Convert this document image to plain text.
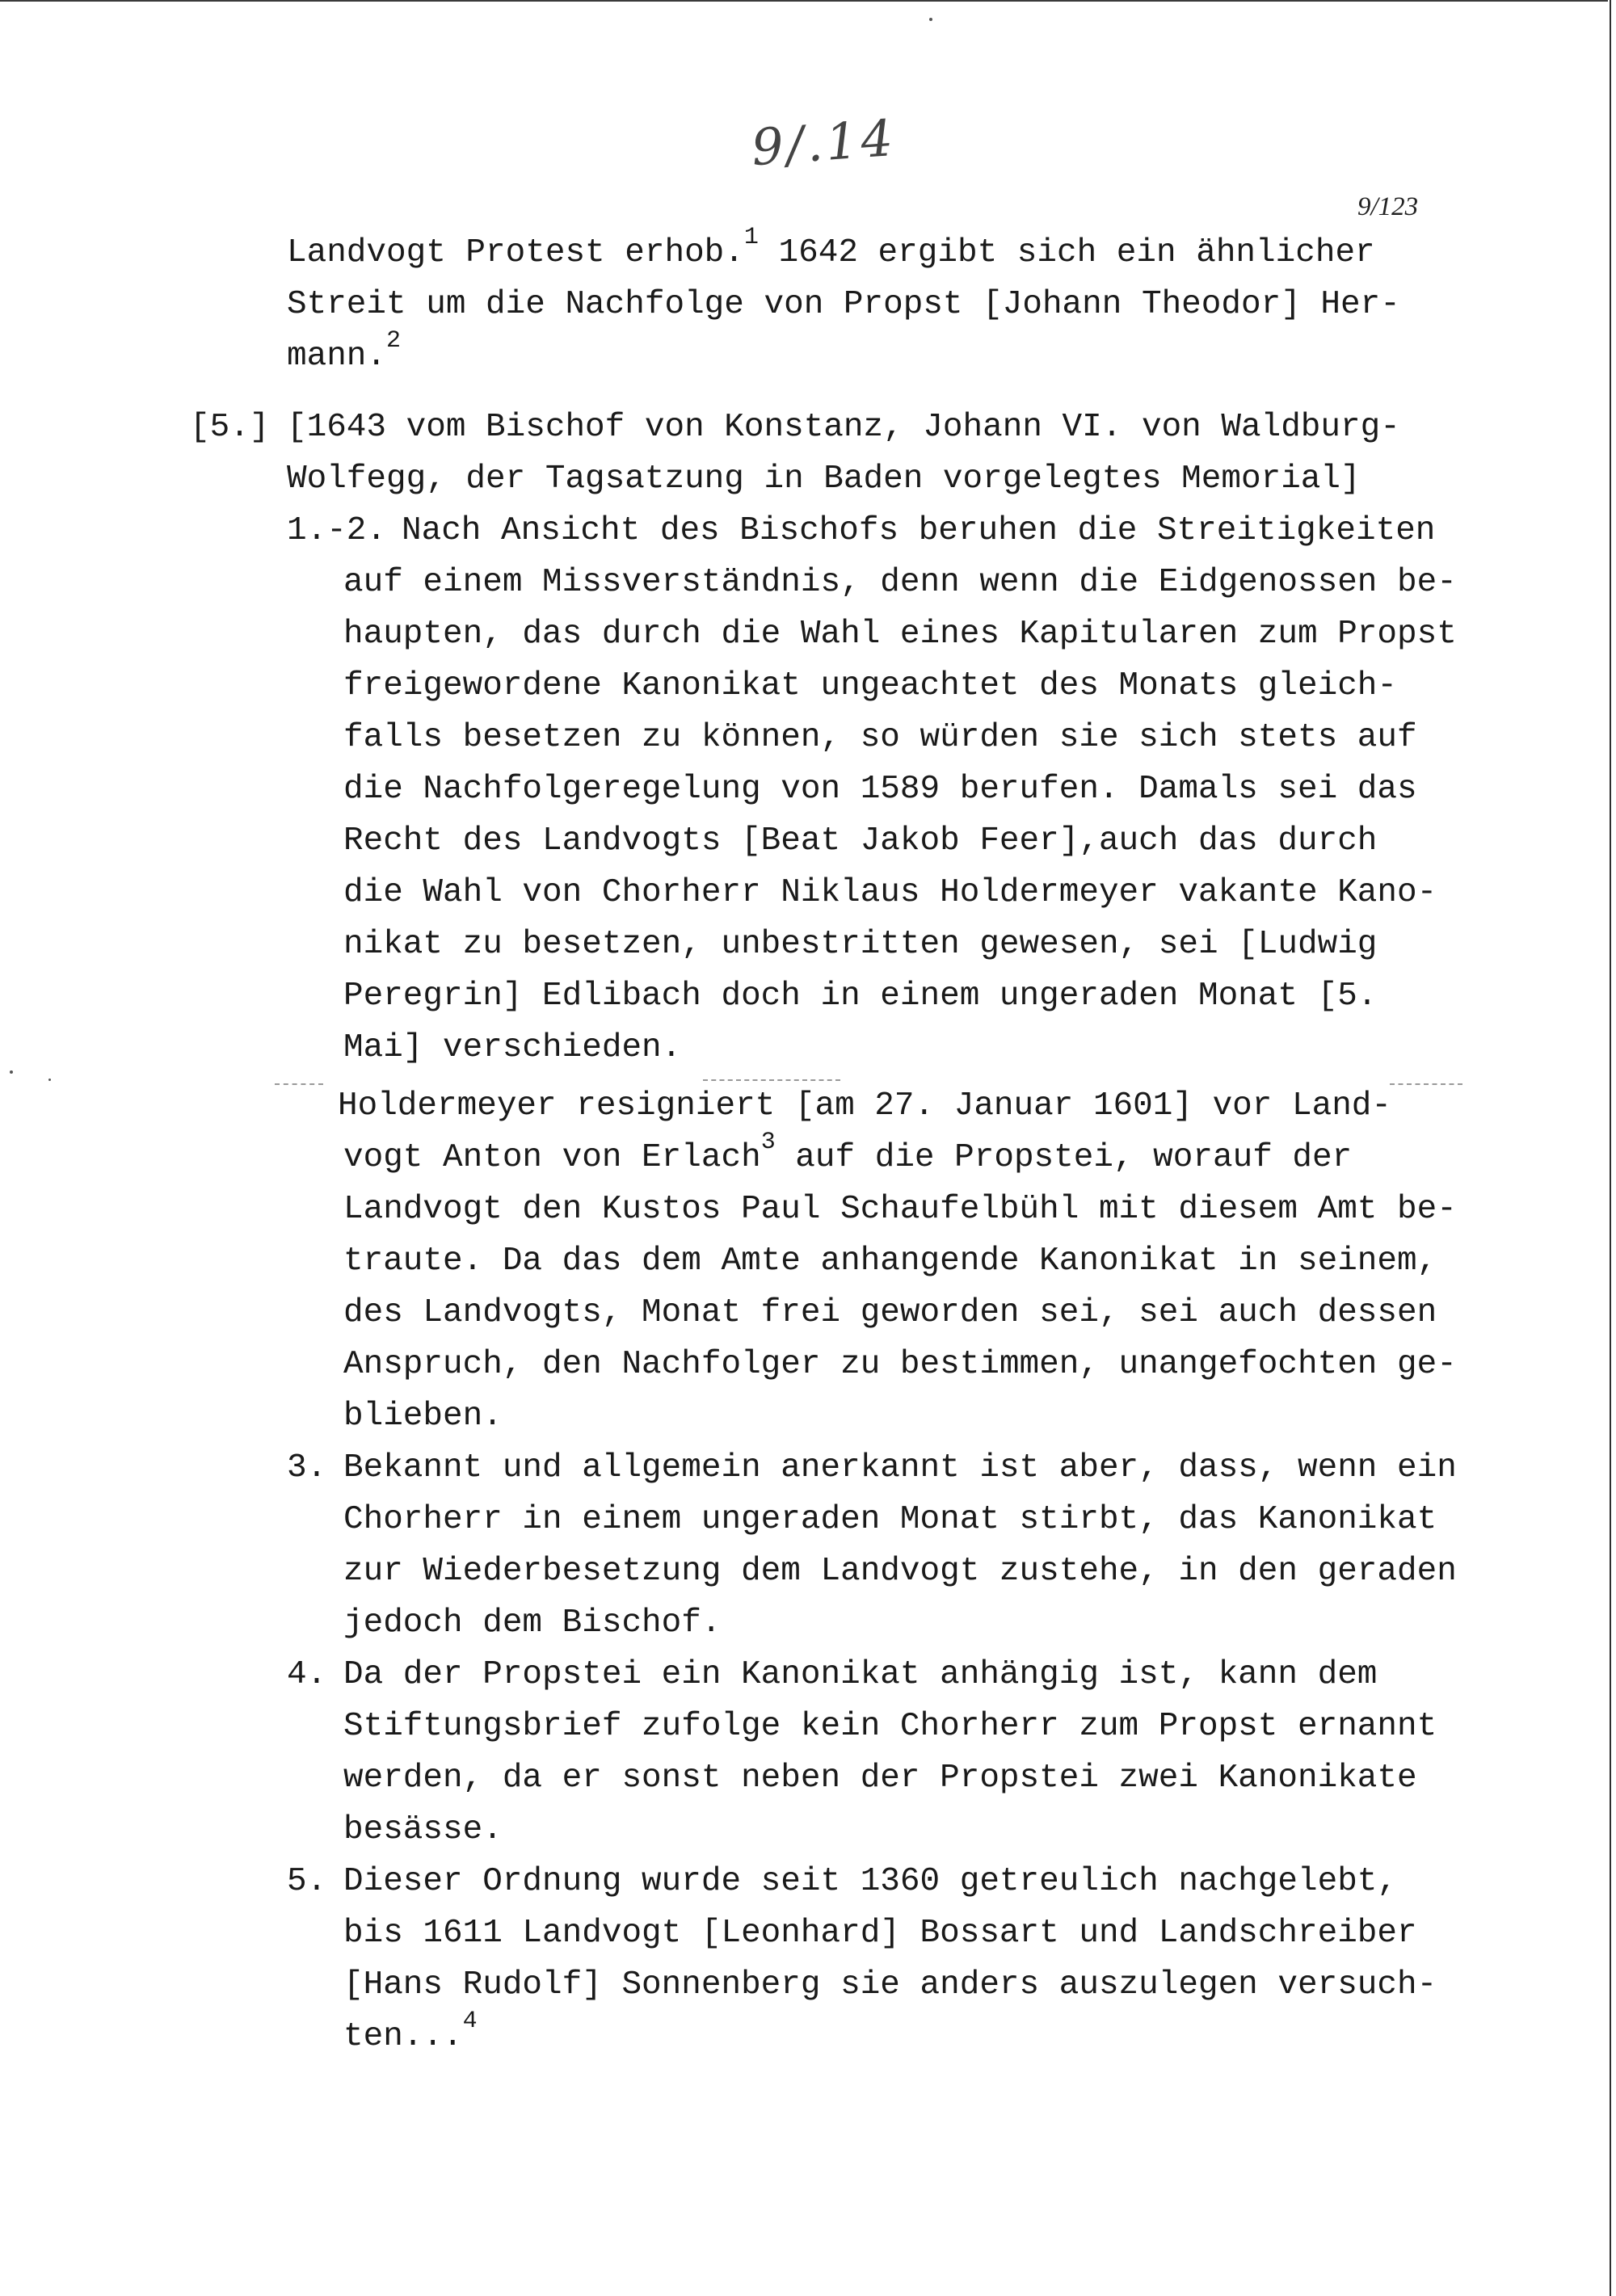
9/.14
9/123
Landvogt Protest erhob.$^1$ 1642 ergibt sich ein ähnlicher
Streit um die Nachfolge von Propst [Johann Theodor] Her-
mann.$^2$
[5.] [1643 vom Bischof von Konstanz, Johann VI. von Waldburg-
Wolfegg, der Tagsatzung in Baden vorgelegtes Memorial]
1.-2. Nach Ansicht des Bischofs beruhen die Streitigkeiten
auf einem Missverständnis, denn wenn die Eidgenossen be-
haupten, das durch die Wahl eines Kapitularen zum Propst
freigewordene Kanonikat ungeachtet des Monats gleich-
falls besetzen zu können, so würden sie sich stets auf
die Nachfolgeregelung von 1589 berufen. Damals sei das
Recht des Landvogts [Beat Jakob Feer],auch das durch
die Wahl von Chorherr Niklaus Holdermeyer vakante Kano-
nikat zu besetzen, unbestritten gewesen, sei [Ludwig
Peregrin] Edlibach doch in einem ungeraden Monat [5.
Mai] verschieden.
Holdermeyer resigniert [am 27. Januar 1601] vor Land-
vogt Anton von Erlach$^3$ auf die Propstei, worauf der
Landvogt den Kustos Paul Schaufelbühl mit diesem Amt be-
traute. Da das dem Amte anhangende Kanonikat in seinem,
des Landvogts, Monat frei geworden sei, sei auch dessen
Anspruch, den Nachfolger zu bestimmen, unangefochten ge-
blieben.
3. Bekannt und allgemein anerkannt ist aber, dass, wenn ein
Chorherr in einem ungeraden Monat stirbt, das Kanonikat
zur Wiederbesetzung dem Landvogt zustehe, in den geraden
jedoch dem Bischof.
4. Da der Propstei ein Kanonikat anhängig ist, kann dem
Stiftungsbrief zufolge kein Chorherr zum Propst ernannt
werden, da er sonst neben der Propstei zwei Kanonikate
besässe.
5. Dieser Ordnung wurde seit 1360 getreulich nachgelebt,
bis 1611 Landvogt [Leonhard] Bossart und Landschreiber
[Hans Rudolf] Sonnenberg sie anders auszulegen versuch-
ten...$^4$
